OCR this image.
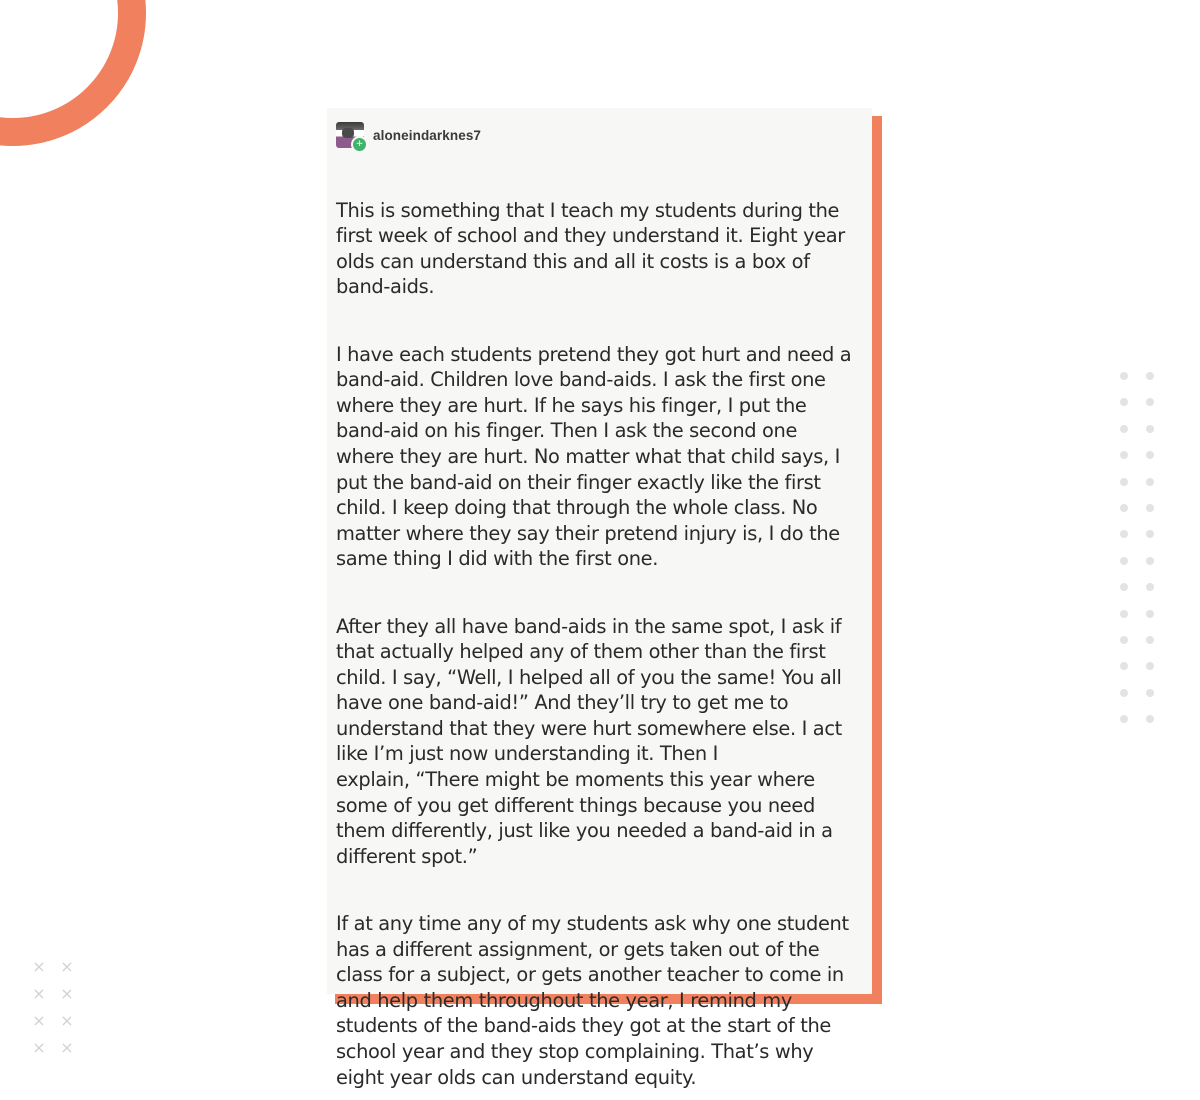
× ×
× ×
× ×
× ×
+
aloneindarknes7

This is something that I teach my students during the
first week of school and they understand it. Eight year
olds can understand this and all it costs is a box of
band-aids.

I have each students pretend they got hurt and need a
band-aid. Children love band-aids. I ask the first one
where they are hurt. If he says his finger, I put the
band-aid on his finger. Then I ask the second one
where they are hurt. No matter what that child says, I
put the band-aid on their finger exactly like the first
child. I keep doing that through the whole class. No
matter where they say their pretend injury is, I do the
same thing I did with the first one.

After they all have band-aids in the same spot, I ask if
that actually helped any of them other than the first
child. I say, “Well, I helped all of you the same! You all
have one band-aid!” And they’ll try to get me to
understand that they were hurt somewhere else. I act
like I’m just now understanding it. Then I
explain, “There might be moments this year where
some of you get different things because you need
them differently, just like you needed a band-aid in a
different spot.”

If at any time any of my students ask why one student
has a different assignment, or gets taken out of the
class for a subject, or gets another teacher to come in
and help them throughout the year, I remind my
students of the band-aids they got at the start of the
school year and they stop complaining. That’s why
eight year olds can understand equity.
